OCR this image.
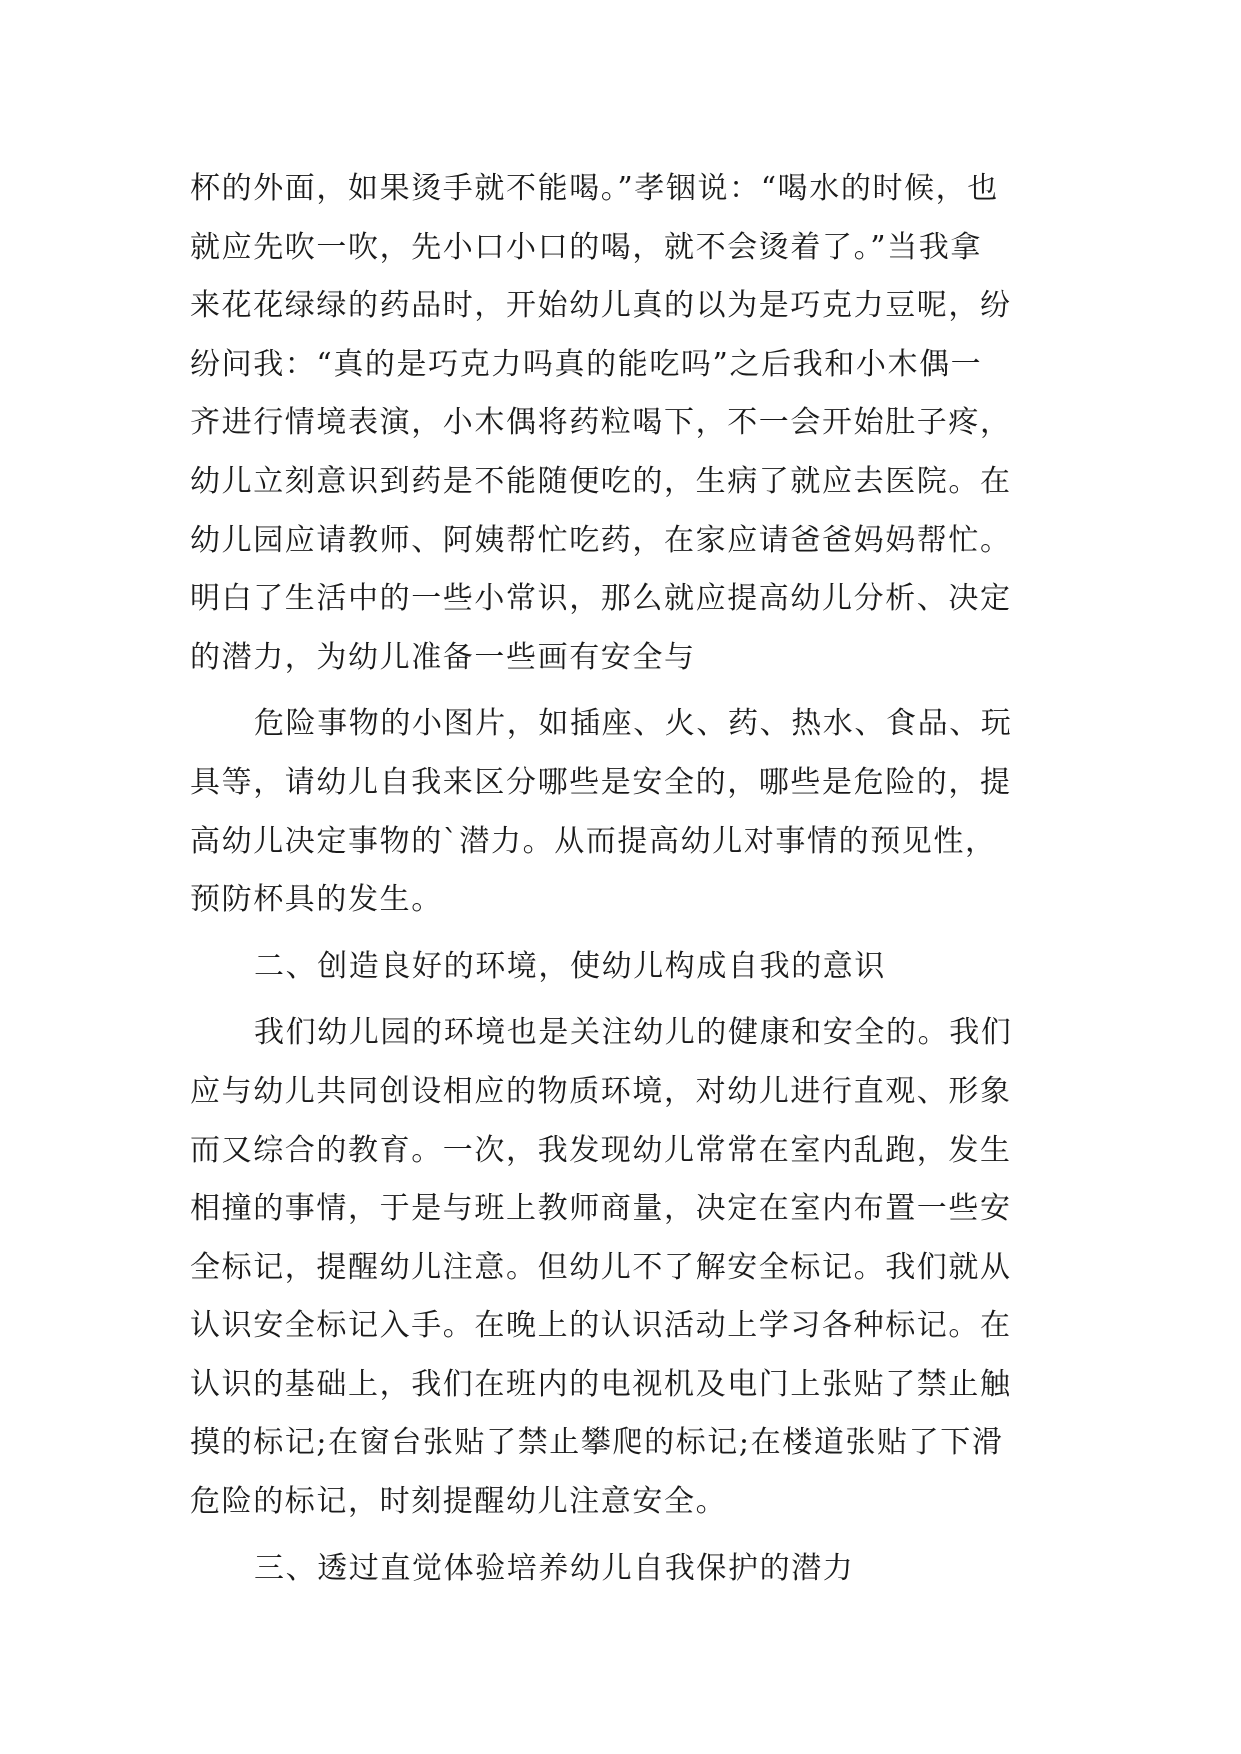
杯的外面，如果烫手就不能喝。”孝铟说：“喝水的时候，也
就应先吹一吹，先小口小口的喝，就不会烫着了。”当我拿
来花花绿绿的药品时，开始幼儿真的以为是巧克力豆呢，纷
纷问我：“真的是巧克力吗真的能吃吗”之后我和小木偶一
齐进行情境表演，小木偶将药粒喝下，不一会开始肚子疼，
幼儿立刻意识到药是不能随便吃的，生病了就应去医院。在
幼儿园应请教师、阿姨帮忙吃药，在家应请爸爸妈妈帮忙。
明白了生活中的一些小常识，那么就应提高幼儿分析、决定
的潜力，为幼儿准备一些画有安全与
危险事物的小图片，如插座、火、药、热水、食品、玩
具等，请幼儿自我来区分哪些是安全的，哪些是危险的，提
高幼儿决定事物的`潜力。从而提高幼儿对事情的预见性，
预防杯具的发生。
二、创造良好的环境，使幼儿构成自我的意识
我们幼儿园的环境也是关注幼儿的健康和安全的。我们
应与幼儿共同创设相应的物质环境，对幼儿进行直观、形象
而又综合的教育。一次，我发现幼儿常常在室内乱跑，发生
相撞的事情，于是与班上教师商量，决定在室内布置一些安
全标记，提醒幼儿注意。但幼儿不了解安全标记。我们就从
认识安全标记入手。在晚上的认识活动上学习各种标记。在
认识的基础上，我们在班内的电视机及电门上张贴了禁止触
摸的标记;在窗台张贴了禁止攀爬的标记;在楼道张贴了下滑
危险的标记，时刻提醒幼儿注意安全。
三、透过直觉体验培养幼儿自我保护的潜力
